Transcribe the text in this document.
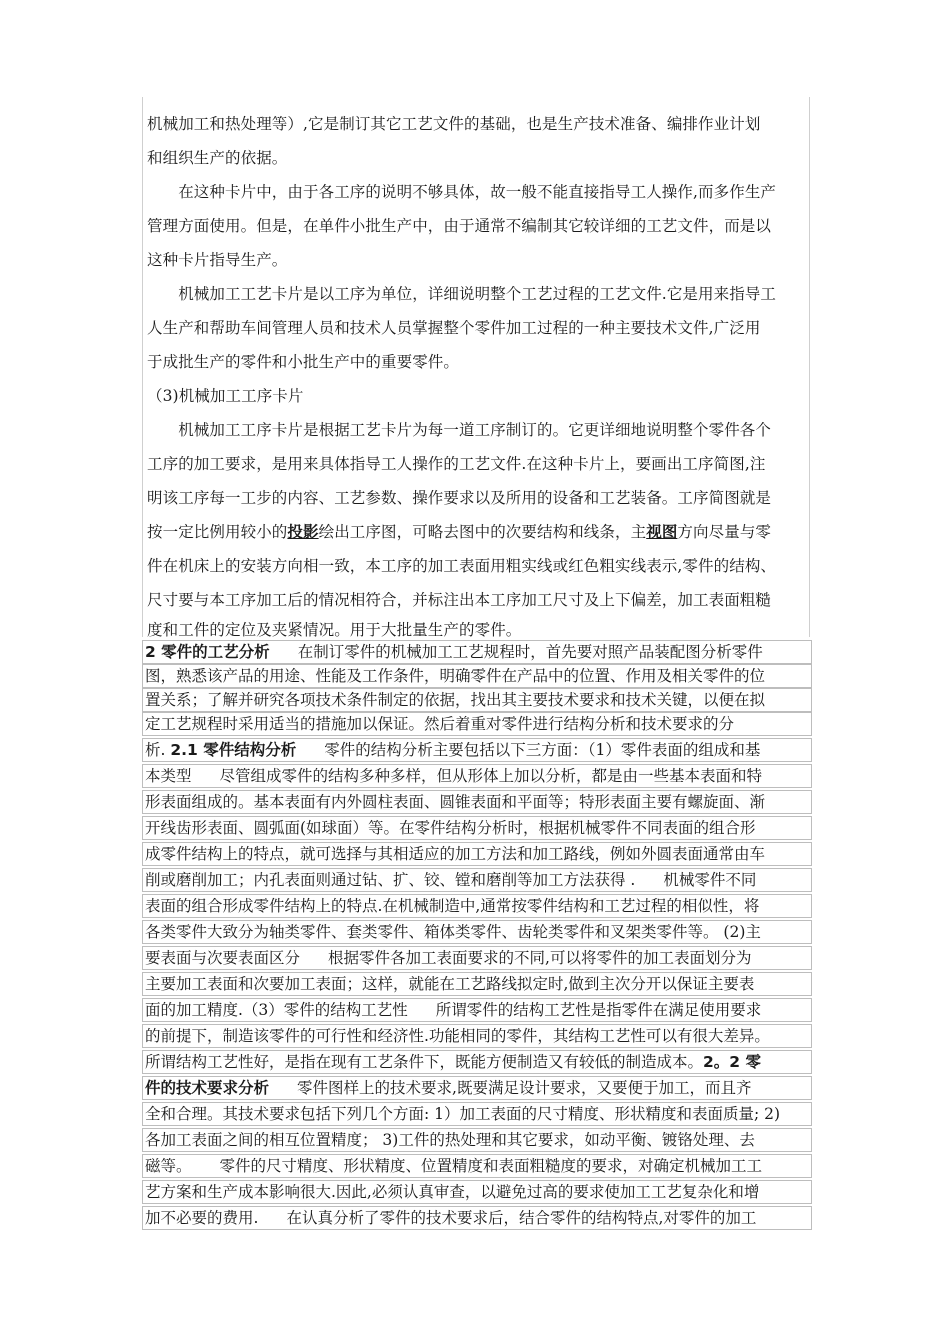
机械加工和热处理等）,它是制订其它工艺文件的基础，也是生产技术准备、编排作业计划
和组织生产的依据。
　　在这种卡片中，由于各工序的说明不够具体，故一般不能直接指导工人操作,而多作生产
管理方面使用。但是，在单件小批生产中，由于通常不编制其它较详细的工艺文件，而是以
这种卡片指导生产。
　　机械加工工艺卡片是以工序为单位，详细说明整个工艺过程的工艺文件.它是用来指导工
人生产和帮助车间管理人员和技术人员掌握整个零件加工过程的一种主要技术文件,广泛用
于成批生产的零件和小批生产中的重要零件。
（3)机械加工工序卡片
　　机械加工工序卡片是根据工艺卡片为每一道工序制订的。它更详细地说明整个零件各个
工序的加工要求，是用来具体指导工人操作的工艺文件.在这种卡片上，要画出工序简图,注
明该工序每一工步的内容、工艺参数、操作要求以及所用的设备和工艺装备。工序简图就是
按一定比例用较小的投影绘出工序图，可略去图中的次要结构和线条，主视图方向尽量与零
件在机床上的安装方向相一致，本工序的加工表面用粗实线或红色粗实线表示,零件的结构、
尺寸要与本工序加工后的情况相符合，并标注出本工序加工尺寸及上下偏差，加工表面粗糙
度和工件的定位及夹紧情况。用于大批量生产的零件。
2 零件的工艺分析 在制订零件的机械加工工艺规程时，首先要对照产品装配图分析零件
图，熟悉该产品的用途、性能及工作条件，明确零件在产品中的位置、作用及相关零件的位
置关系；了解并研究各项技术条件制定的依据，找出其主要技术要求和技术关键，以便在拟
定工艺规程时采用适当的措施加以保证。然后着重对零件进行结构分析和技术要求的分
析. 2.1 零件结构分析 零件的结构分析主要包括以下三方面：（1）零件表面的组成和基
本类型 尽管组成零件的结构多种多样，但从形体上加以分析，都是由一些基本表面和特
形表面组成的。基本表面有内外圆柱表面、圆锥表面和平面等；特形表面主要有螺旋面、渐
开线齿形表面、圆弧面(如球面）等。在零件结构分析时，根据机械零件不同表面的组合形
成零件结构上的特点，就可选择与其相适应的加工方法和加工路线，例如外圆表面通常由车
削或磨削加工；内孔表面则通过钻、扩、铰、镗和磨削等加工方法获得 . 机械零件不同
表面的组合形成零件结构上的特点.在机械制造中,通常按零件结构和工艺过程的相似性，将
各类零件大致分为轴类零件、套类零件、箱体类零件、齿轮类零件和叉架类零件等。 (2)主
要表面与次要表面区分 根据零件各加工表面要求的不同,可以将零件的加工表面划分为
主要加工表面和次要加工表面；这样，就能在工艺路线拟定时,做到主次分开以保证主要表
面的加工精度.（3）零件的结构工艺性 所谓零件的结构工艺性是指零件在满足使用要求
的前提下，制造该零件的可行性和经济性.功能相同的零件，其结构工艺性可以有很大差异。
所谓结构工艺性好，是指在现有工艺条件下，既能方便制造又有较低的制造成本。2。2 零
件的技术要求分析 零件图样上的技术要求,既要满足设计要求，又要便于加工，而且齐
全和合理。其技术要求包括下列几个方面: 1）加工表面的尺寸精度、形状精度和表面质量; 2)
各加工表面之间的相互位置精度； 3)工件的热处理和其它要求，如动平衡、镀铬处理、去
磁等。 零件的尺寸精度、形状精度、位置精度和表面粗糙度的要求，对确定机械加工工
艺方案和生产成本影响很大.因此,必须认真审查，以避免过高的要求使加工工艺复杂化和增
加不必要的费用. 在认真分析了零件的技术要求后，结合零件的结构特点,对零件的加工
